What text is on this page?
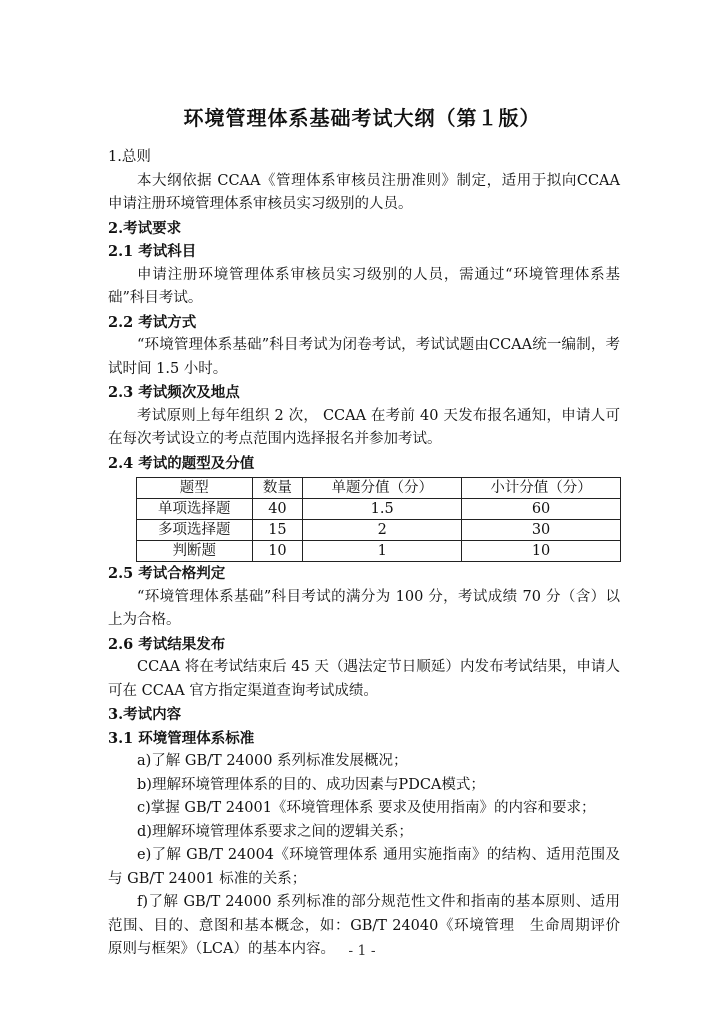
环境管理体系基础考试大纲（第１版）

1.总则

本大纲依据 CCAA《管理体系审核员注册准则》制定，适用于拟向CCAA 申请注册环境管理体系审核员实习级别的人员。

2.考试要求

2.1 考试科目

申请注册环境管理体系审核员实习级别的人员，需通过“环境管理体系基础”科目考试。

2.2 考试方式

“环境管理体系基础”科目考试为闭卷考试，考试试题由CCAA统一编制，考试时间 1.5 小时。

2.3 考试频次及地点

考试原则上每年组织 2 次， CCAA 在考前 40 天发布报名通知，申请人可在每次考试设立的考点范围内选择报名并参加考试。

2.4 考试的题型及分值

题型	数量	单题分值（分）	小计分值（分）
单项选择题	40	1.5	60
多项选择题	15	2	30
判断题	10	1	10

2.5 考试合格判定

“环境管理体系基础”科目考试的满分为 100 分，考试成绩 70 分（含）以上为合格。

2.6 考试结果发布

CCAA 将在考试结束后 45 天（遇法定节日顺延）内发布考试结果，申请人可在 CCAA 官方指定渠道查询考试成绩。

3.考试内容

3.1 环境管理体系标准

a)了解 GB/T 24000 系列标准发展概况；

b)理解环境管理体系的目的、成功因素与PDCA模式；

c)掌握 GB/T 24001《环境管理体系 要求及使用指南》的内容和要求；

d)理解环境管理体系要求之间的逻辑关系；

e)了解 GB/T 24004《环境管理体系 通用实施指南》的结构、适用范围及与 GB/T 24001 标准的关系；

f)了解 GB/T 24000 系列标准的部分规范性文件和指南的基本原则、适用范围、目的、意图和基本概念，如：GB/T 24040《环境管理　生命周期评价 原则与框架》（LCA）的基本内容。 - 1 -
